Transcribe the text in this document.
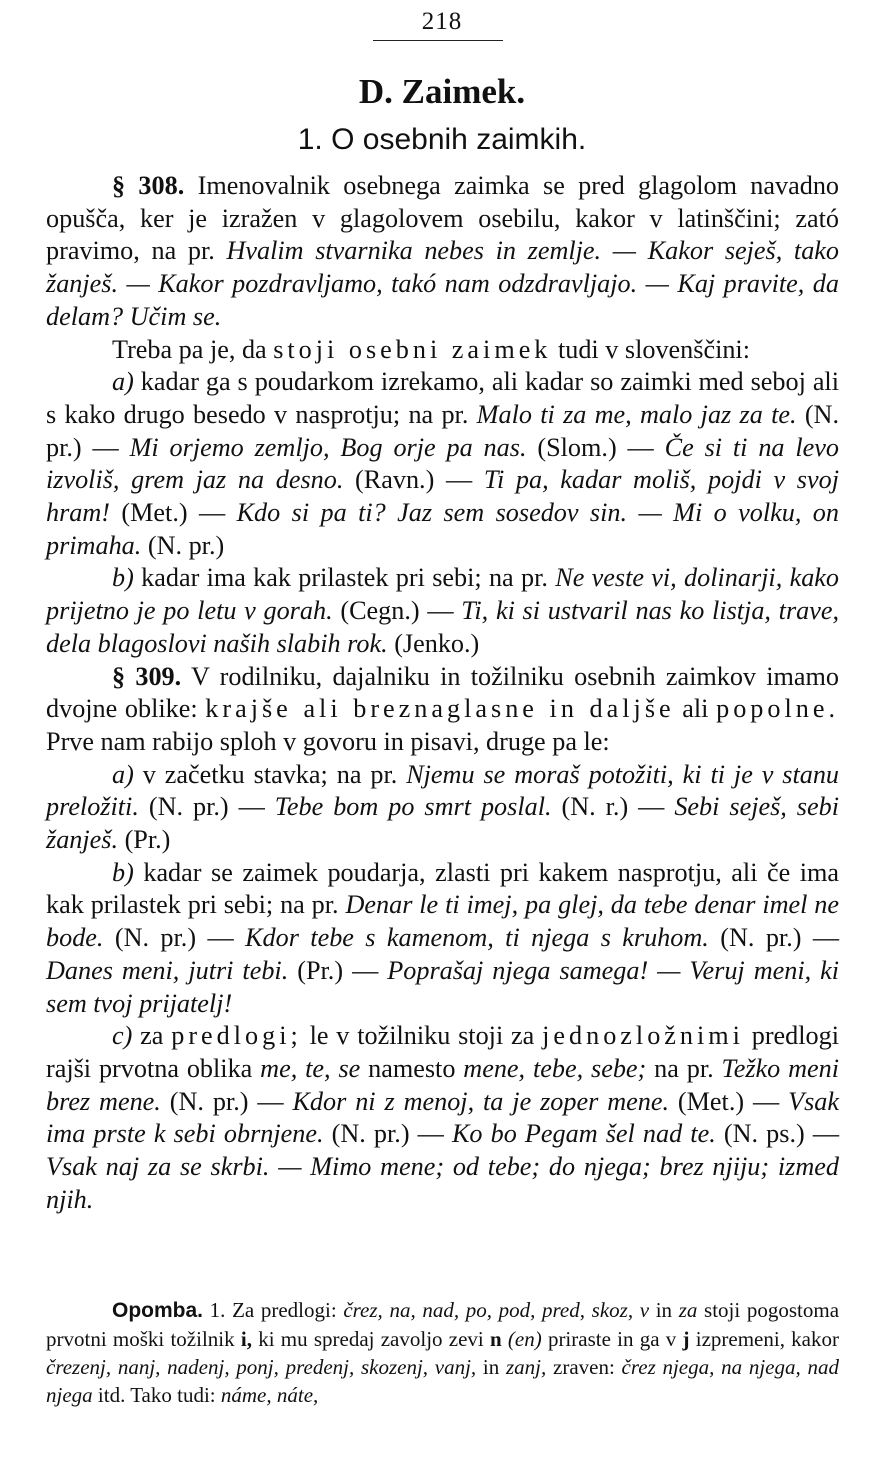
218
D. Zaimek.
1. O osebnih zaimkih.

§ 308. Imenovalnik osebnega zaimka se pred glagolom navadno opušča, ker je izražen v glagolovem osebilu, kakor v latinščini; zató pravimo, na pr. Hvalim stvarnika nebes in zemlje. — Kakor seješ, tako žanješ. — Kakor pozdravljamo, takó nam odzdravljajo. — Kaj pravite, da delam? Učim se.

Treba pa je, da stoji osebni zaimek tudi v slovenščini:

a) kadar ga s poudarkom izrekamo, ali kadar so zaimki med seboj ali s kako drugo besedo v nasprotju; na pr. Malo ti za me, malo jaz za te. (N. pr.) — Mi orjemo zemljo, Bog orje pa nas. (Slom.) — Če si ti na levo izvoliš, grem jaz na desno. (Ravn.) — Ti pa, kadar moliš, pojdi v svoj hram! (Met.) — Kdo si pa ti? Jaz sem sosedov sin. — Mi o volku, on primaha. (N. pr.)

b) kadar ima kak prilastek pri sebi; na pr. Ne veste vi, dolinarji, kako prijetno je po letu v gorah. (Cegn.) — Ti, ki si ustvaril nas ko listja, trave, dela blagoslovi naših slabih rok. (Jenko.)

§ 309. V rodilniku, dajalniku in tožilniku osebnih zaimkov imamo dvojne oblike: krajše ali breznaglasne in daljše ali popolne. Prve nam rabijo sploh v govoru in pisavi, druge pa le:

a) v začetku stavka; na pr. Njemu se moraš potožiti, ki ti je v stanu preložiti. (N. pr.) — Tebe bom po smrt poslal. (N. r.) — Sebi seješ, sebi žanješ. (Pr.)

b) kadar se zaimek poudarja, zlasti pri kakem nasprotju, ali če ima kak prilastek pri sebi; na pr. Denar le ti imej, pa glej, da tebe denar imel ne bode. (N. pr.) — Kdor tebe s kamenom, ti njega s kruhom. (N. pr.) — Danes meni, jutri tebi. (Pr.) — Poprašaj njega samega! — Veruj meni, ki sem tvoj prijatelj!

c) za predlogi; le v tožilniku stoji za jednozložnimi predlogi rajši prvotna oblika me, te, se namesto mene, tebe, sebe; na pr. Težko meni brez mene. (N. pr.) — Kdor ni z menoj, ta je zoper mene. (Met.) — Vsak ima prste k sebi obrnjene. (N. pr.) — Ko bo Pegam šel nad te. (N. ps.) — Vsak naj za se skrbi. — Mimo mene; od tebe; do njega; brez njiju; izmed njih.

Opomba. 1. Za predlogi: črez, na, nad, po, pod, pred, skoz, v in za stoji pogostoma prvotni moški tožilnik i, ki mu spredaj zavoljo zevi n (en) priraste in ga v j izpremeni, kakor črezenj, nanj, nadenj, ponj, predenj, skozenj, vanj, in zanj, zraven: črez njega, na njega, nad njega itd. Tako tudi: náme, náte,
